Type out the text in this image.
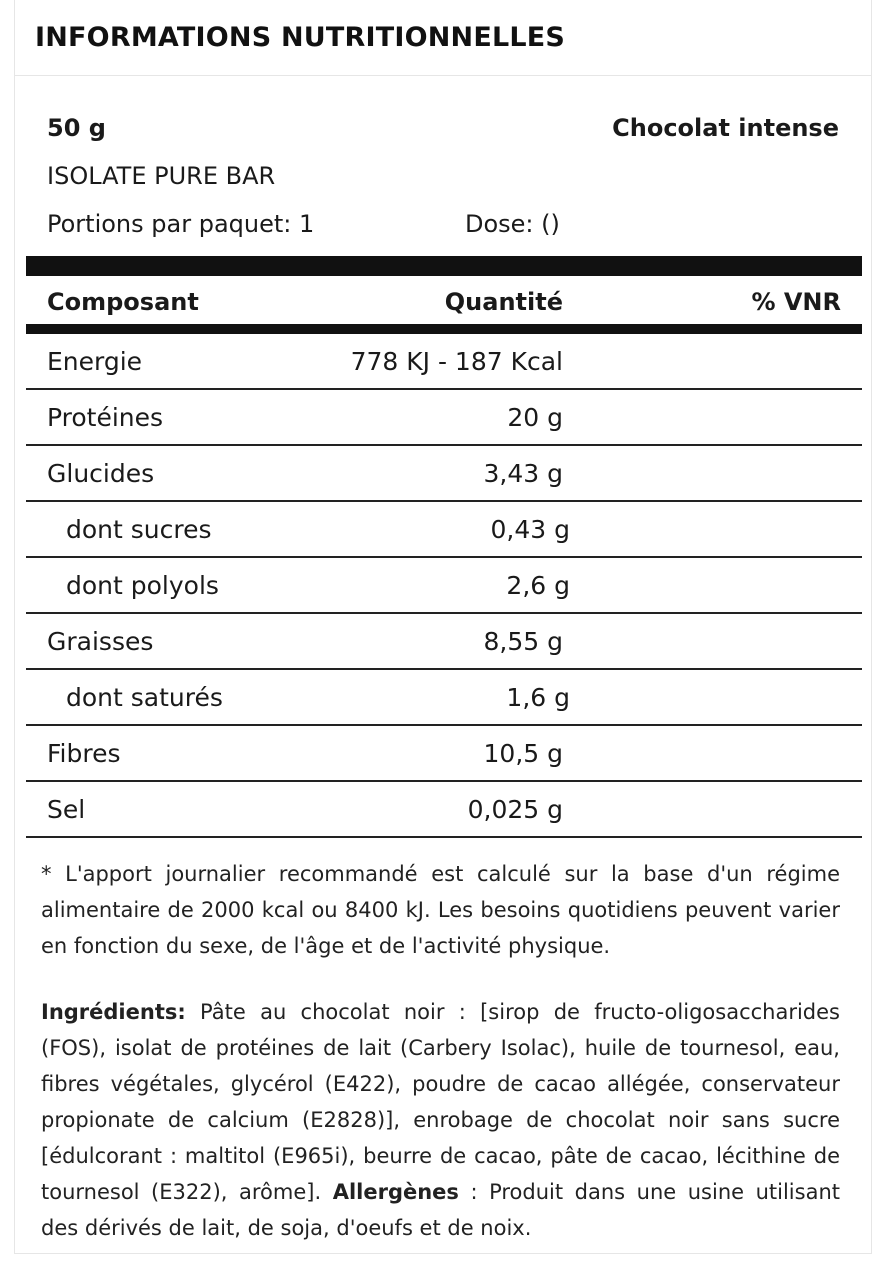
INFORMATIONS NUTRITIONNELLES
50 g	Chocolat intense
ISOLATE PURE BAR
Portions par paquet: 1	Dose: ()
Composant	Quantité	% VNR
Energie	778 KJ - 187 Kcal
Protéines	20 g
Glucides	3,43 g
dont sucres	0,43 g
dont polyols	2,6 g
Graisses	8,55 g
dont saturés	1,6 g
Fibres	10,5 g
Sel	0,025 g
* L'apport journalier recommandé est calculé sur la base d'un régime alimentaire de 2000 kcal ou 8400 kJ. Les besoins quotidiens peuvent varier en fonction du sexe, de l'âge et de l'activité physique.
Ingrédients: Pâte au chocolat noir : [sirop de fructo-oligosaccharides (FOS), isolat de protéines de lait (Carbery Isolac), huile de tournesol, eau, fibres végétales, glycérol (E422), poudre de cacao allégée, conservateur propionate de calcium (E2828)], enrobage de chocolat noir sans sucre [édulcorant : maltitol (E965i), beurre de cacao, pâte de cacao, lécithine de tournesol (E322), arôme]. Allergènes : Produit dans une usine utilisant des dérivés de lait, de soja, d'oeufs et de noix.
